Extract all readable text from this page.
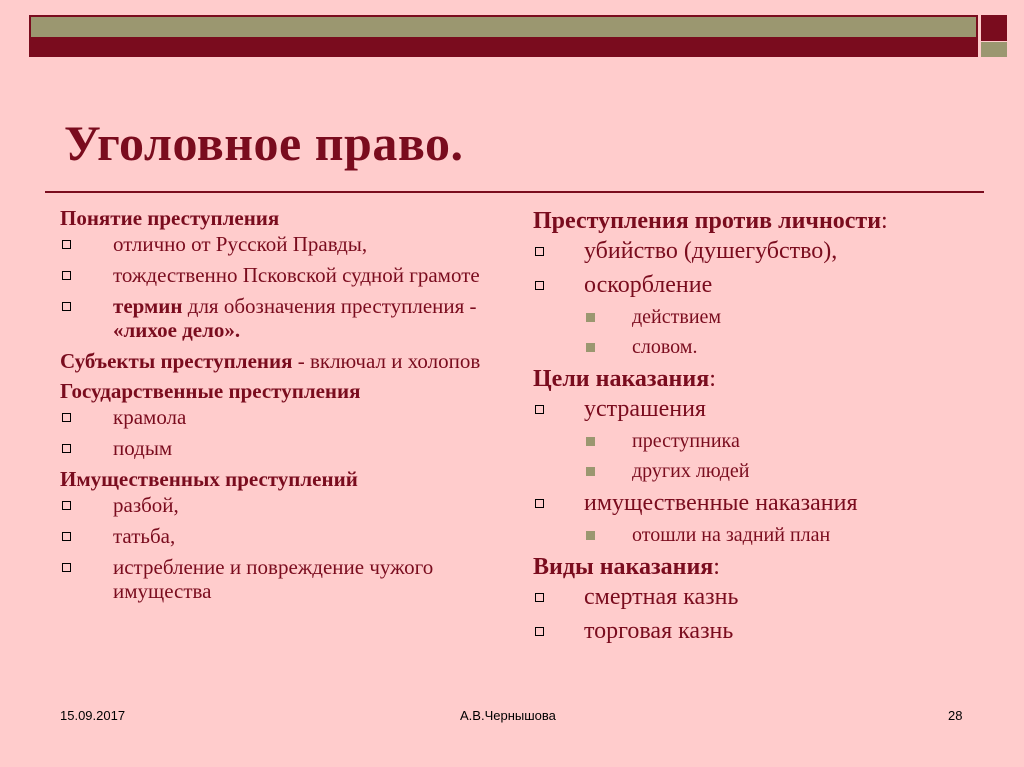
Уголовное право.
Понятие преступления
отлично от Русской Правды,
тождественно Псковской судной грамоте
термин для обозначения преступления - «лихое дело».
Субъекты преступления - включал и холопов
Государственные преступления
крамола
подым
Имущественных преступлений
разбой,
татьба,
истребление и повреждение чужого имущества
Преступления против личности:
убийство (душегубство),
оскорбление
действием
словом.
Цели наказания:
устрашения
преступника
других людей
имущественные наказания
отошли на задний план
Виды наказания:
смертная казнь
торговая казнь
15.09.2017	А.В.Чернышова	28
